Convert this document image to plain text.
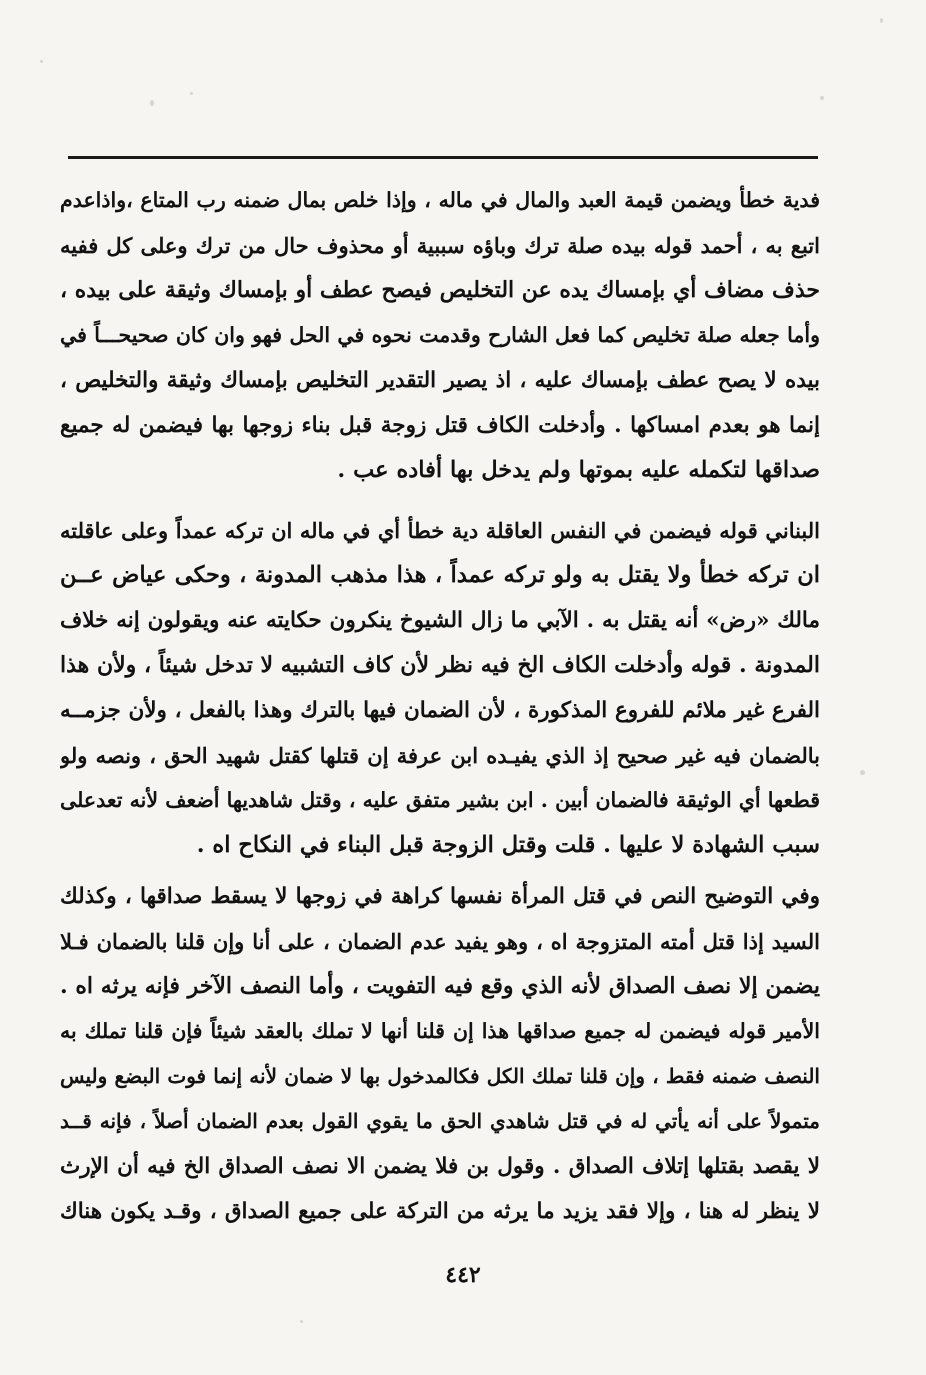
فدية خطأ ويضمن قيمة العبد والمال في ماله ، وإذا خلص بمال ضمنه رب المتاع ،واذاعدم
اتبع به ، أحمد قوله بيده صلة ترك وباؤه سببية أو محذوف حال من ترك وعلى كل ففيه
حذف مضاف أي بإمساك يده عن التخليص فيصح عطف أو بإمساك وثيقة على بيده ،
وأما جعله صلة تخليص كما فعل الشارح وقدمت نحوه في الحل فهو وان كان صحيحـــاً في
بيده لا يصح عطف بإمساك عليه ، اذ يصير التقدير التخليص بإمساك وثيقة والتخليص ،
إنما هو بعدم امساكها . وأدخلت الكاف قتل زوجة قبل بناء زوجها بها فيضمن له جميع
صداقها لتكمله عليه بموتها ولم يدخل بها أفاده عب .
البناني قوله فيضمن في النفس العاقلة دية خطأ أي في ماله ان تركه عمداً وعلى عاقلته
ان تركه خطأ ولا يقتل به ولو تركه عمداً ، هذا مذهب المدونة ، وحكى عياض عــن
مالك «رض» أنه يقتل به . الآبي ما زال الشيوخ ينكرون حكايته عنه ويقولون إنه خلاف
المدونة . قوله وأدخلت الكاف الخ فيه نظر لأن كاف التشبيه لا تدخل شيئاً ، ولأن هذا
الفرع غير ملائم للفروع المذكورة ، لأن الضمان فيها بالترك وهذا بالفعل ، ولأن جزمــه
بالضمان فيه غير صحيح إذ الذي يفيـده ابن عرفة إن قتلها كقتل شهيد الحق ، ونصه ولو
قطعها أي الوثيقة فالضمان أبين . ابن بشير متفق عليه ، وقتل شاهديها أضعف لأنه تعدعلى
سبب الشهادة لا عليها . قلت وقتل الزوجة قبل البناء في النكاح اه .
وفي التوضيح النص في قتل المرأة نفسها كراهة في زوجها لا يسقط صداقها ، وكذلك
السيد إذا قتل أمته المتزوجة اه ، وهو يفيد عدم الضمان ، على أنا وإن قلنا بالضمان فـلا
يضمن إلا نصف الصداق لأنه الذي وقع فيه التفويت ، وأما النصف الآخر فإنه يرثه اه .
الأمير قوله فيضمن له جميع صداقها هذا إن قلنا أنها لا تملك بالعقد شيئاً فإن قلنا تملك به
النصف ضمنه فقط ، وإن قلنا تملك الكل فكالمدخول بها لا ضمان لأنه إنما فوت البضع وليس
متمولاً على أنه يأتي له في قتل شاهدي الحق ما يقوي القول بعدم الضمان أصلاً ، فإنه قــد
لا يقصد بقتلها إتلاف الصداق . وقول بن فلا يضمن الا نصف الصداق الخ فيه أن الإرث
لا ينظر له هنا ، وإلا فقد يزيد ما يرثه من التركة على جميع الصداق ، وقـد يكون هناك
٤٤٢
